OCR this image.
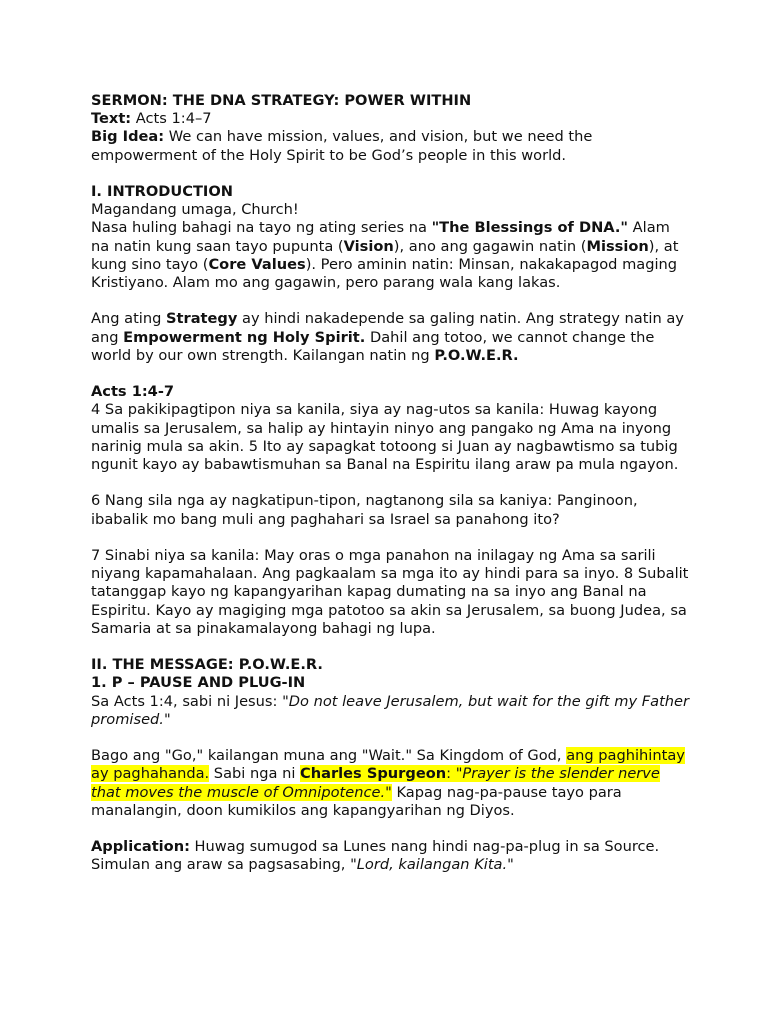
SERMON: THE DNA STRATEGY: POWER WITHIN

Text: Acts 1:4–7

Big Idea: We can have mission, values, and vision, but we need the empowerment of the Holy Spirit to be God’s people in this world.

I. INTRODUCTION

Magandang umaga, Church!

Nasa huling bahagi na tayo ng ating series na "The Blessings of DNA." Alam na natin kung saan tayo pupunta (Vision), ano ang gagawin natin (Mission), at kung sino tayo (Core Values). Pero aminin natin: Minsan, nakakapagod maging Kristiyano. Alam mo ang gagawin, pero parang wala kang lakas.

Ang ating Strategy ay hindi nakadepende sa galing natin. Ang strategy natin ay ang Empowerment ng Holy Spirit. Dahil ang totoo, we cannot change the world by our own strength. Kailangan natin ng P.O.W.E.R.

Acts 1:4-7

4 Sa pakikipagtipon niya sa kanila, siya ay nag-utos sa kanila: Huwag kayong umalis sa Jerusalem, sa halip ay hintayin ninyo ang pangako ng Ama na inyong narinig mula sa akin. 5 Ito ay sapagkat totoong si Juan ay nagbawtismo sa tubig ngunit kayo ay babawtismuhan sa Banal na Espiritu ilang araw pa mula ngayon.

6 Nang sila nga ay nagkatipun-tipon, nagtanong sila sa kaniya: Panginoon, ibabalik mo bang muli ang paghahari sa Israel sa panahong ito?

7 Sinabi niya sa kanila: May oras o mga panahon na inilagay ng Ama sa sarili niyang kapamahalaan. Ang pagkaalam sa mga ito ay hindi para sa inyo. 8 Subalit tatanggap kayo ng kapangyarihan kapag dumating na sa inyo ang Banal na Espiritu. Kayo ay magiging mga patotoo sa akin sa Jerusalem, sa buong Judea, sa Samaria at sa pinakamalayong bahagi ng lupa.

II. THE MESSAGE: P.O.W.E.R.

1. P – PAUSE AND PLUG-IN

Sa Acts 1:4, sabi ni Jesus: "Do not leave Jerusalem, but wait for the gift my Father promised."

Bago ang "Go," kailangan muna ang "Wait." Sa Kingdom of God, ang paghihintay ay paghahanda. Sabi nga ni Charles Spurgeon: "Prayer is the slender nerve that moves the muscle of Omnipotence." Kapag nag-pa-pause tayo para manalangin, doon kumikilos ang kapangyarihan ng Diyos.

Application: Huwag sumugod sa Lunes nang hindi nag-pa-plug in sa Source. Simulan ang araw sa pagsasabing, "Lord, kailangan Kita."
